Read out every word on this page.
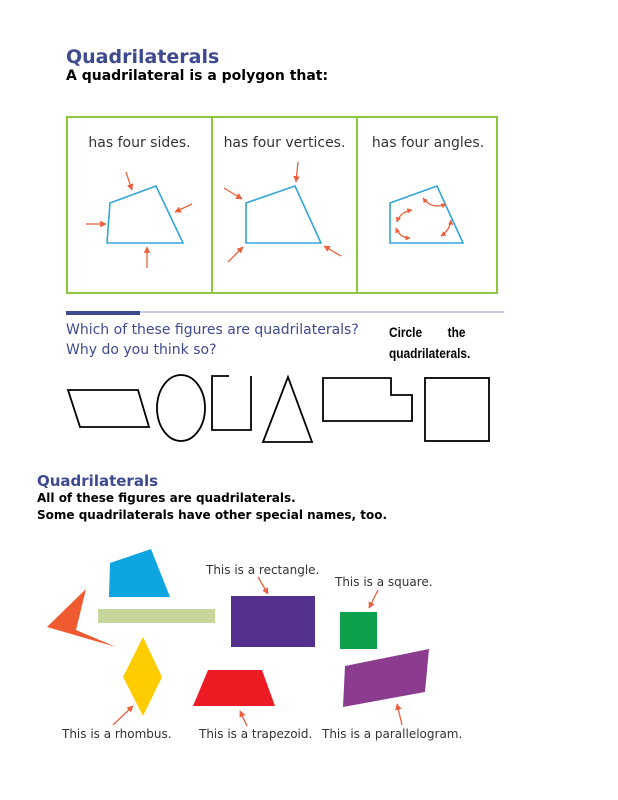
Quadrilaterals
A quadrilateral is a polygon that:
has four sides.	has four vertices.	has four angles.
Which of these figures are quadrilaterals?
Why do you think so?
Circle the
quadrilaterals.
Quadrilaterals
All of these figures are quadrilaterals.
Some quadrilaterals have other special names, too.
This is a rectangle.
This is a square.
This is a rhombus. This is a trapezoid. This is a parallelogram.
